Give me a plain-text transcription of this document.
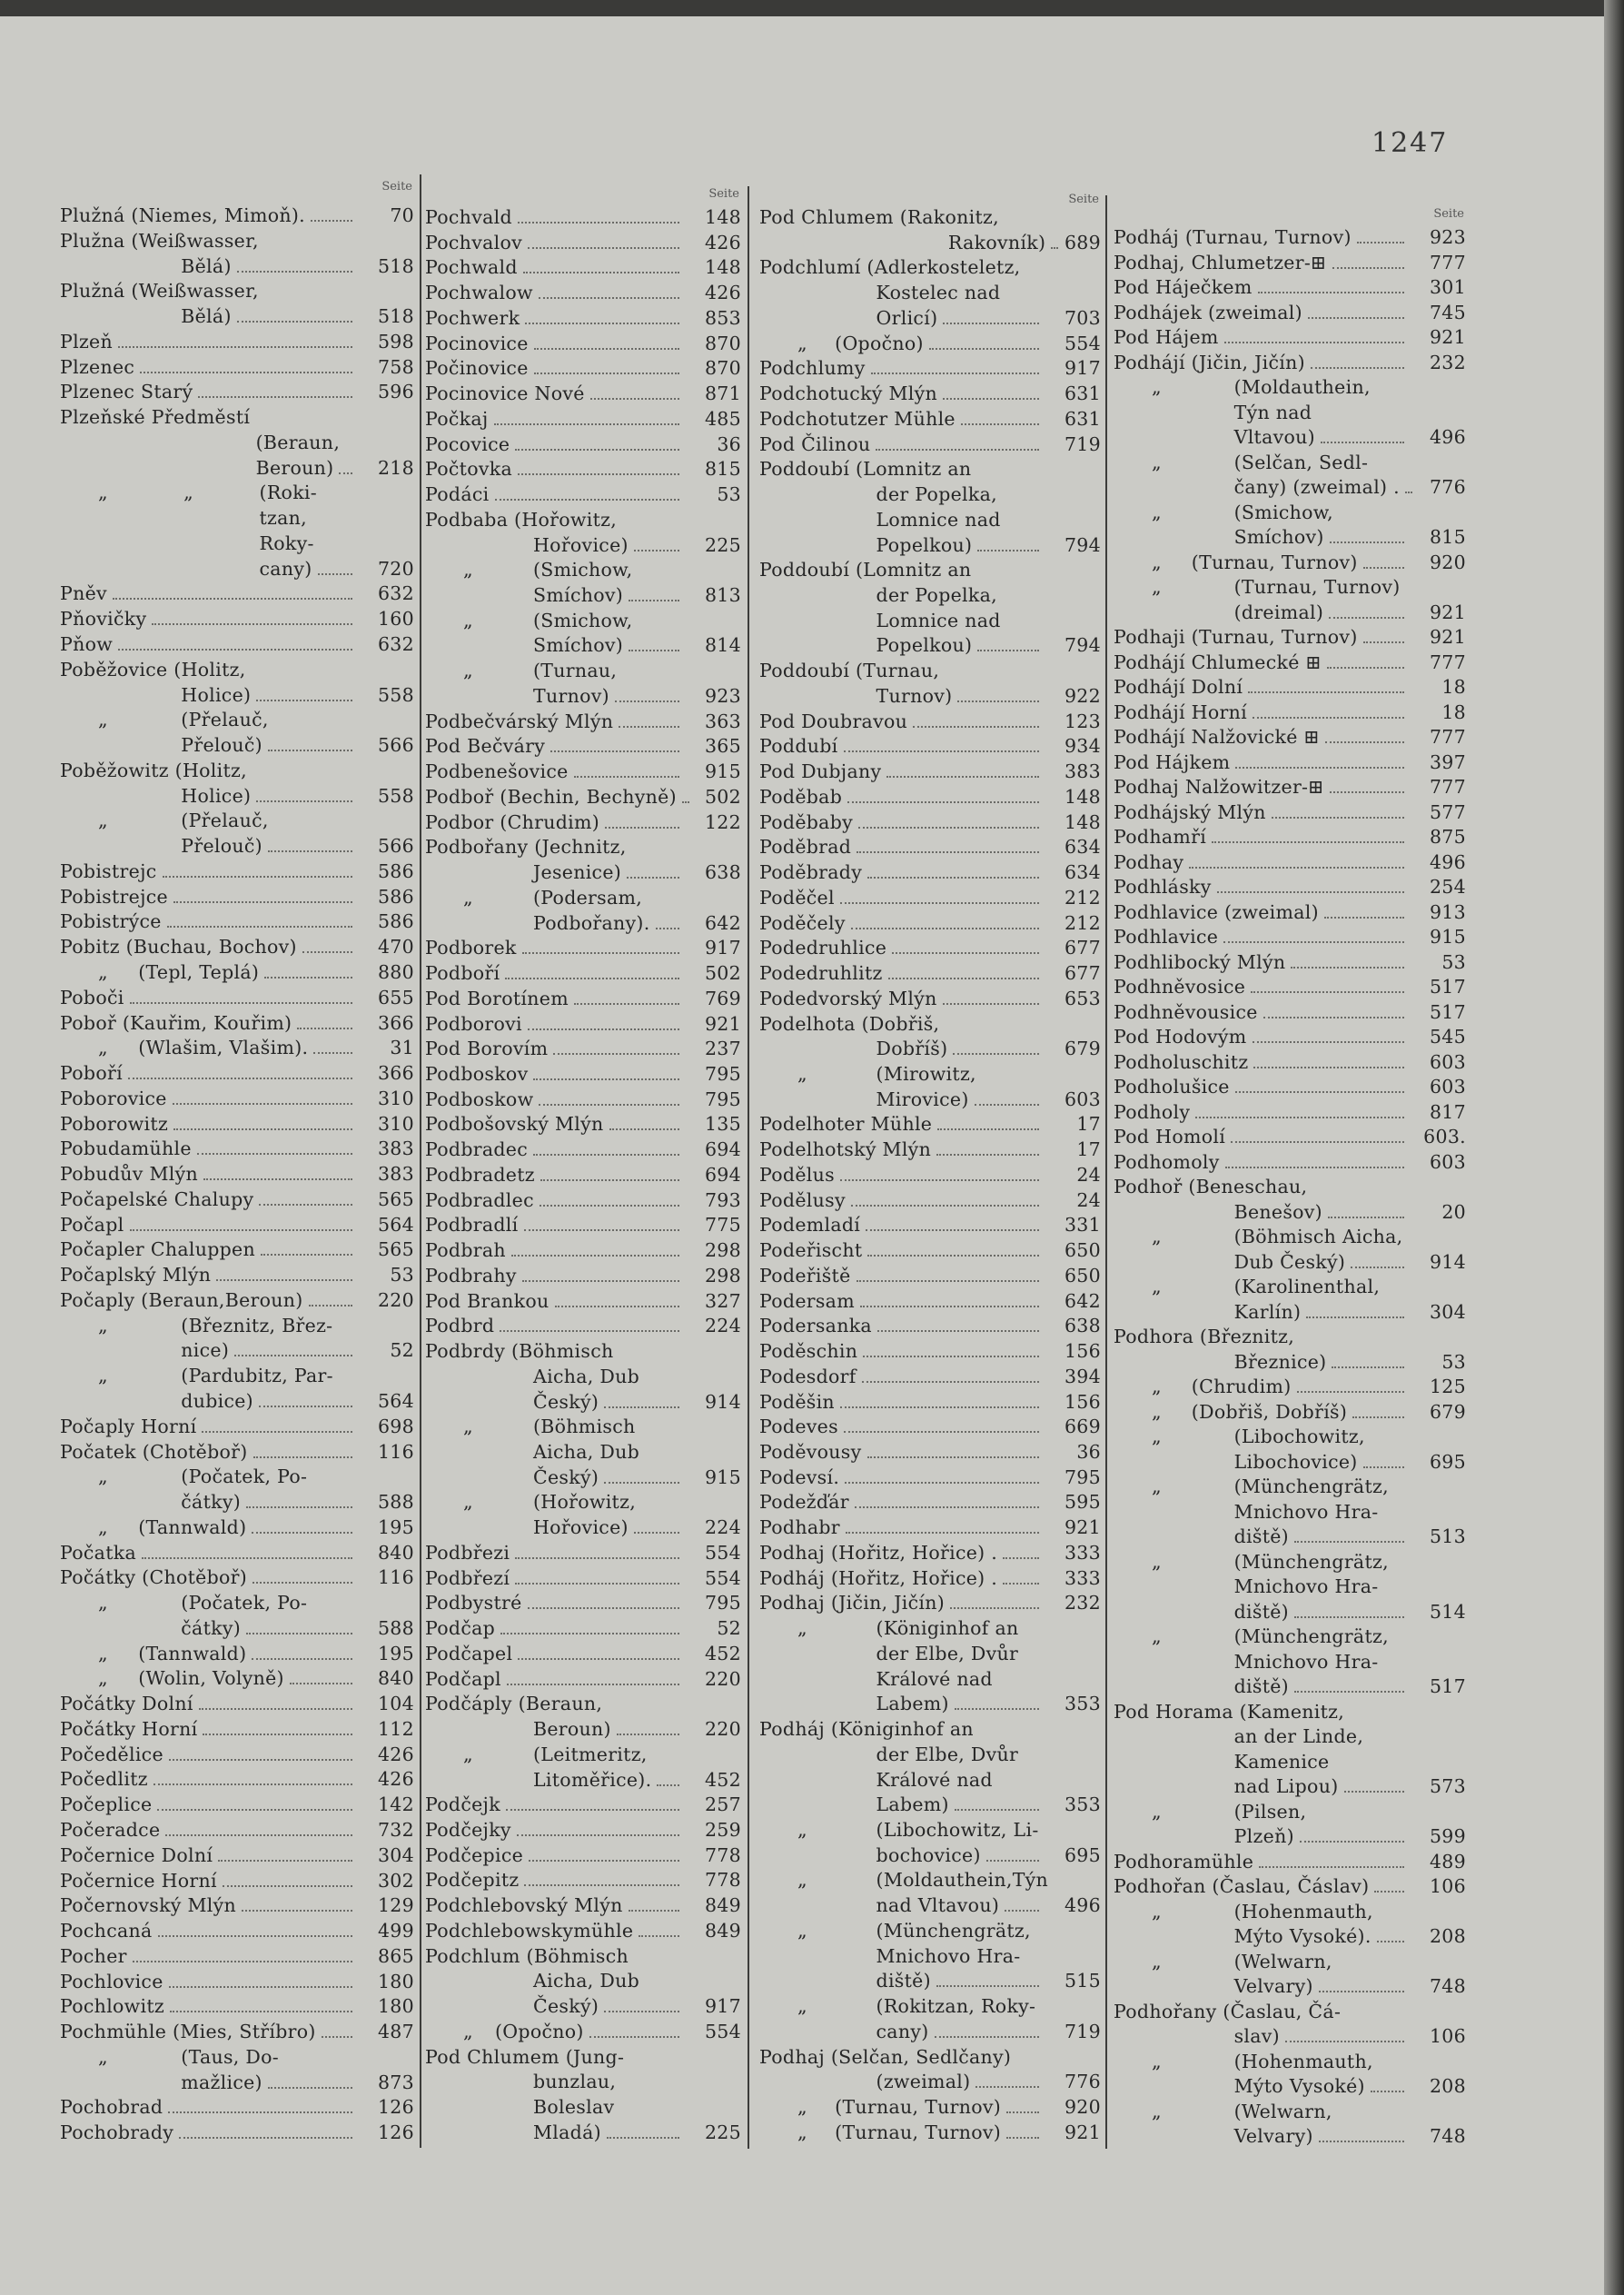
1247
Seite
Plužná (Niemes, Mimoň).	70
Plužna (Weißwasser,
Bělá)	518
Plužná (Weißwasser,
Bělá)	518
Plzeň	598
Plzenec	758
Plzenec Starý	596
Plzeňské Předměstí
(Beraun,
Beroun)	218
„    „	(Roki-
tzan,
Roky-
cany)	720
Pněv	632
Pňovičky	160
Pňow	632
Poběžovice (Holitz,
Holice)	558
„	(Přelauč,
Přelouč)	566
Poběžowitz (Holitz,
Holice)	558
„	(Přelauč,
Přelouč)	566
Pobistrejc	586
Pobistrejce	586
Pobistrýce	586
Pobitz (Buchau, Bochov)	470
„ (Tepl, Teplá)	880
Poboči	655
Pobоř (Kauřim, Kouřim)	366
„ (Wlašim, Vlašim).	31
Poboří	366
Poborovice	310
Poborowitz	310
Pobudamühle	383
Pobudův Mlýn	383
Počapelské Chalupy	565
Počapl	564
Počapler Chaluppen	565
Počaplský Mlýn	53
Počaply (Beraun,Beroun)	220
„	(Březnitz, Břez-
nice)	52
„	(Pardubitz, Par-
dubice)	564
Počaply Horní	698
Počatek (Chotěboř)	116
„	(Počatek, Po-
čátky)	588
„ (Tannwald)	195
Počatka	840
Počátky (Chotěboř)	116
„	(Počatek, Po-
čátky)	588
„ (Tannwald)	195
„ (Wolin, Volyně)	840
Počátky Dolní	104
Počátky Horní	112
Počedělice	426
Počedlitz	426
Počeplice	142
Počeradce	732
Počernice Dolní	304
Počernice Horní	302
Počernovský Mlýn	129
Pochcaná	499
Pocher	865
Pochlovice	180
Pochlowitz	180
Pochmühle (Mies, Stříbro)	487
„	(Taus, Do-
mažlice)	873
Pochobrad	126
Pochobrady	126
Seite
Pochvald	148
Pochvalov	426
Pochwald	148
Pochwalow	426
Pochwerk	853
Pocinovice	870
Počinovice	870
Pocinovice Nové	871
Počkaj	485
Pocovice	36
Počtovka	815
Podáci	53
Podbaba (Hořowitz,
Hořovice)	225
„	(Smichow,
Smíchov)	813
„	(Smichow,
Smíchov)	814
„	(Turnau,
Turnov)	923
Podbečvárský Mlýn	363
Pod Bečváry	365
Podbenešovice	915
Podboř (Bechin, Bechyně)	502
Podbor (Chrudim)	122
Podbořany (Jechnitz,
Jesenice)	638
„	(Podersam,
Podbořany).	642
Podborek	917
Podboří	502
Pod Borotínem	769
Podborovi	921
Pod Borovím	237
Podboskov	795
Podboskow	795
Podbošovský Mlýn	135
Podbradec	694
Podbradetz	694
Podbradlec	793
Podbradlí	775
Podbrah	298
Podbrahy	298
Pod Brankou	327
Podbrd	224
Podbrdy (Böhmisch
Aicha, Dub
Český)	914
„	(Böhmisch
Aicha, Dub
Český)	915
„	(Hořowitz,
Hořovice)	224
Podbřezi	554
Podbřezí	554
Podbystré	795
Podčap	52
Podčapel	452
Podčapl	220
Podčáply (Beraun,
Beroun)	220
„	(Leitmeritz,
Litoměřice).	452
Podčejk	257
Podčejky	259
Podčepice	778
Podčepitz	778
Podchlebovský Mlýn	849
Podchlebowskymühle	849
Podchlum (Böhmisch
Aicha, Dub
Český)	917
„ (Opočno)	554
Pod Chlumem (Jung-
bunzlau,
Boleslav
Mladá)	225
Seite
Pod Chlumem (Rakonitz,
Rakovník)	689
Podchlumí (Adlerkosteletz,
Kostelec nad
Orlicí)	703
„ (Opočno)	554
Podchlumy	917
Podchotucký Mlýn	631
Podchotutzer Mühle	631
Pod Čilinou	719
Poddoubí (Lomnitz an
der Popelka,
Lomnice nad
Popelkou)	794
Poddoubí (Lomnitz an
der Popelka,
Lomnice nad
Popelkou)	794
Poddoubí (Turnau,
Turnov)	922
Pod Doubravou	123
Poddubí	934
Pod Dubjany	383
Poděbab	148
Poděbaby	148
Poděbrad	634
Poděbrady	634
Poděčel	212
Poděčely	212
Podedruhlice	677
Podedruhlitz	677
Podedvorský Mlýn	653
Podelhota (Dobřiš,
Dobříš)	679
„	(Mirowitz,
Mirovice)	603
Podelhoter Mühle	17
Podelhotský Mlýn	17
Podělus	24
Podělusy	24
Podemladí	331
Podeřischt	650
Podeřiště	650
Podersam	642
Podersanka	638
Poděschin	156
Podesdorf	394
Poděšin	156
Podeves	669
Poděvousy	36
Podevsí.	795
Podežďár	595
Podhabr	921
Podhaj (Hořitz, Hořice) .	333
Podháj (Hořitz, Hořice) .	333
Podhaj (Jičin, Jičín)	232
„	(Königinhof an
der Elbe, Dvůr
Králové nad
Labem)	353
Podháj (Königinhof an
der Elbe, Dvůr
Králové nad
Labem)	353
„	(Libochowitz, Li-
bochovice)	695
„	(Moldauthein,Týn
nad Vltavou)	496
„	(Münchengrätz,
Mnichovo Hra-
diště)	515
„	(Rokitzan, Roky-
cany)	719
Podhaj (Selčan, Sedlčany)
(zweimal)	776
„ (Turnau, Turnov)	920
„ (Turnau, Turnov)	921
Seite
Podháj (Turnau, Turnov)	923
Podhaj, Chlumetzer-⊞	777
Pod Háječkem	301
Podhájek (zweimal)	745
Pod Hájem	921
Podhájí (Jičin, Jičín)	232
„	(Moldauthein,
Týn nad
Vltavou)	496
„	(Selčan, Sedl-
čany) (zweimal) .	776
„	(Smichow,
Smíchov)	815
„ (Turnau, Turnov)	920
„	(Turnau, Turnov)
(dreimal)	921
Podhaji (Turnau, Turnov)	921
Podhájí Chlumecké ⊞	777
Podhájí Dolní	18
Podhájí Horní	18
Podhájí Nalžovické ⊞	777
Pod Hájkem	397
Podhaj Nalžowitzer-⊞	777
Podhájský Mlýn	577
Podhamří	875
Podhay	496
Podhlásky	254
Podhlavice (zweimal)	913
Podhlavice	915
Podhlibocký Mlýn	53
Podhněvosice	517
Podhněvousice	517
Pod Hodovým	545
Podholuschitz	603
Podholušice	603
Podholy	817
Pod Homolí	603.
Podhomoly	603
Podhoř (Beneschau,
Benešov)	20
„	(Böhmisch Aicha,
Dub Český)	914
„	(Karolinenthal,
Karlín)	304
Podhora (Březnitz,
Březnice)	53
„ (Chrudim)	125
„ (Dobřiš, Dobříš)	679
„	(Libochowitz,
Libochovice)	695
„	(Münchengrätz,
Mnichovo Hra-
diště)	513
„	(Münchengrätz,
Mnichovo Hra-
diště)	514
„	(Münchengrätz,
Mnichovo Hra-
diště)	517
Pod Horama (Kamenitz,
an der Linde,
Kamenice
nad Lipou)	573
„	(Pilsen,
Plzeň)	599
Podhoramühle	489
Podhořan (Časlau, Čáslav)	106
„	(Hohenmauth,
Mýto Vysoké).	208
„	(Welwarn,
Velvary)	748
Podhořany (Časlau, Čá-
slav)	106
„	(Hohenmauth,
Mýto Vysoké)	208
„	(Welwarn,
Velvary)	748
